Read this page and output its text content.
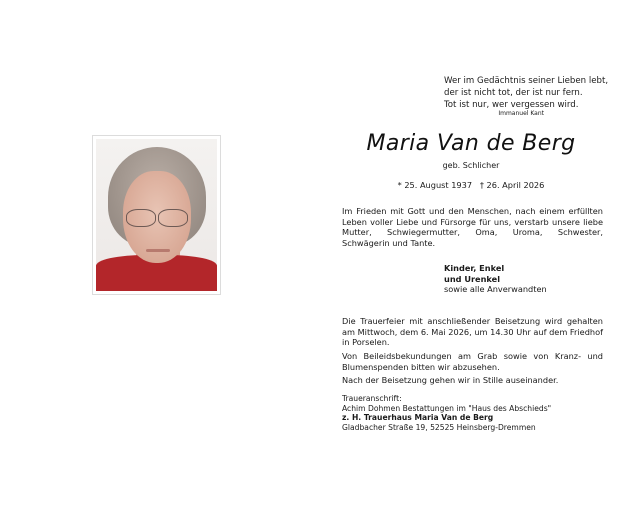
Wer im Gedächtnis seiner Lieben lebt,
der ist nicht tot, der ist nur fern.
Tot ist nur, wer vergessen wird.
Immanuel Kant
Maria Van de Berg
geb. Schlicher
* 25. August 1937   † 26. April 2026
Im Frieden mit Gott und den Menschen, nach einem erfüllten
Leben voller Liebe und Fürsorge für uns, verstarb unsere liebe
Mutter, Schwiegermutter, Oma, Uroma, Schwester,
Schwägerin und Tante.
Kinder, Enkel
und Urenkel
sowie alle Anverwandten
Die Trauerfeier mit anschließender Beisetzung wird gehalten
am Mittwoch, dem 6. Mai 2026, um 14.30 Uhr auf dem Friedhof
in Porselen.
Von Beileidsbekundungen am Grab sowie von Kranz- und
Blumenspenden bitten wir abzusehen.
Nach der Beisetzung gehen wir in Stille auseinander.
Traueranschrift:
Achim Dohmen Bestattungen im "Haus des Abschieds"
z. H. Trauerhaus Maria Van de Berg
Gladbacher Straße 19, 52525 Heinsberg-Dremmen
